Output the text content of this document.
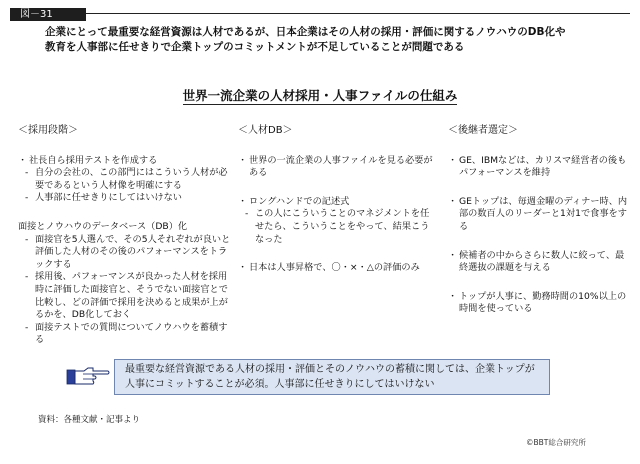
図－31
企業にとって最重要な経営資源は人材であるが、日本企業はその人材の採用・評価に関するノウハウのDB化や
教育を人事部に任せきりで企業トップのコミットメントが不足していることが問題である
世界一流企業の人材採用・人事ファイルの仕組み
＜採用段階＞
・ 社長自ら採用テストを作成する
- 自分の会社の、この部門にはこういう人材が必要であるという人材像を明確にする
- 人事部に任せきりにしてはいけない
面接とノウハウのデータベース（DB）化
- 面接官を5人選んで、その5人それぞれが良いと評価した人材のその後のパフォーマンスをトラックする
- 採用後、パフォーマンスが良かった人材を採用時に評価した面接官と、そうでない面接官とで比較し、どの評価で採用を決めると成果が上がるかを、DB化しておく
- 面接テストでの質問についてノウハウを蓄積する
＜人材DB＞
・ 世界の一流企業の人事ファイルを見る必要がある
・ ロングハンドでの記述式
- この人にこういうことのマネジメントを任せたら、こういうことをやって、結果こうなった
・ 日本は人事昇格で、〇・×・△の評価のみ
＜後継者選定＞
・ GE、IBMなどは、カリスマ経営者の後もパフォーマンスを維持
・ GEトップは、毎週金曜のディナー時、内部の数百人のリーダーと1対1で食事をする
・ 候補者の中からさらに数人に絞って、最終選抜の課題を与える
・ トップが人事に、勤務時間の10%以上の時間を使っている
最重要な経営資源である人材の採用・評価とそのノウハウの蓄積に関しては、企業トップが
人事にコミットすることが必須。人事部に任せきりにしてはいけない
資料：各種文献・記事より
©BBT総合研究所
